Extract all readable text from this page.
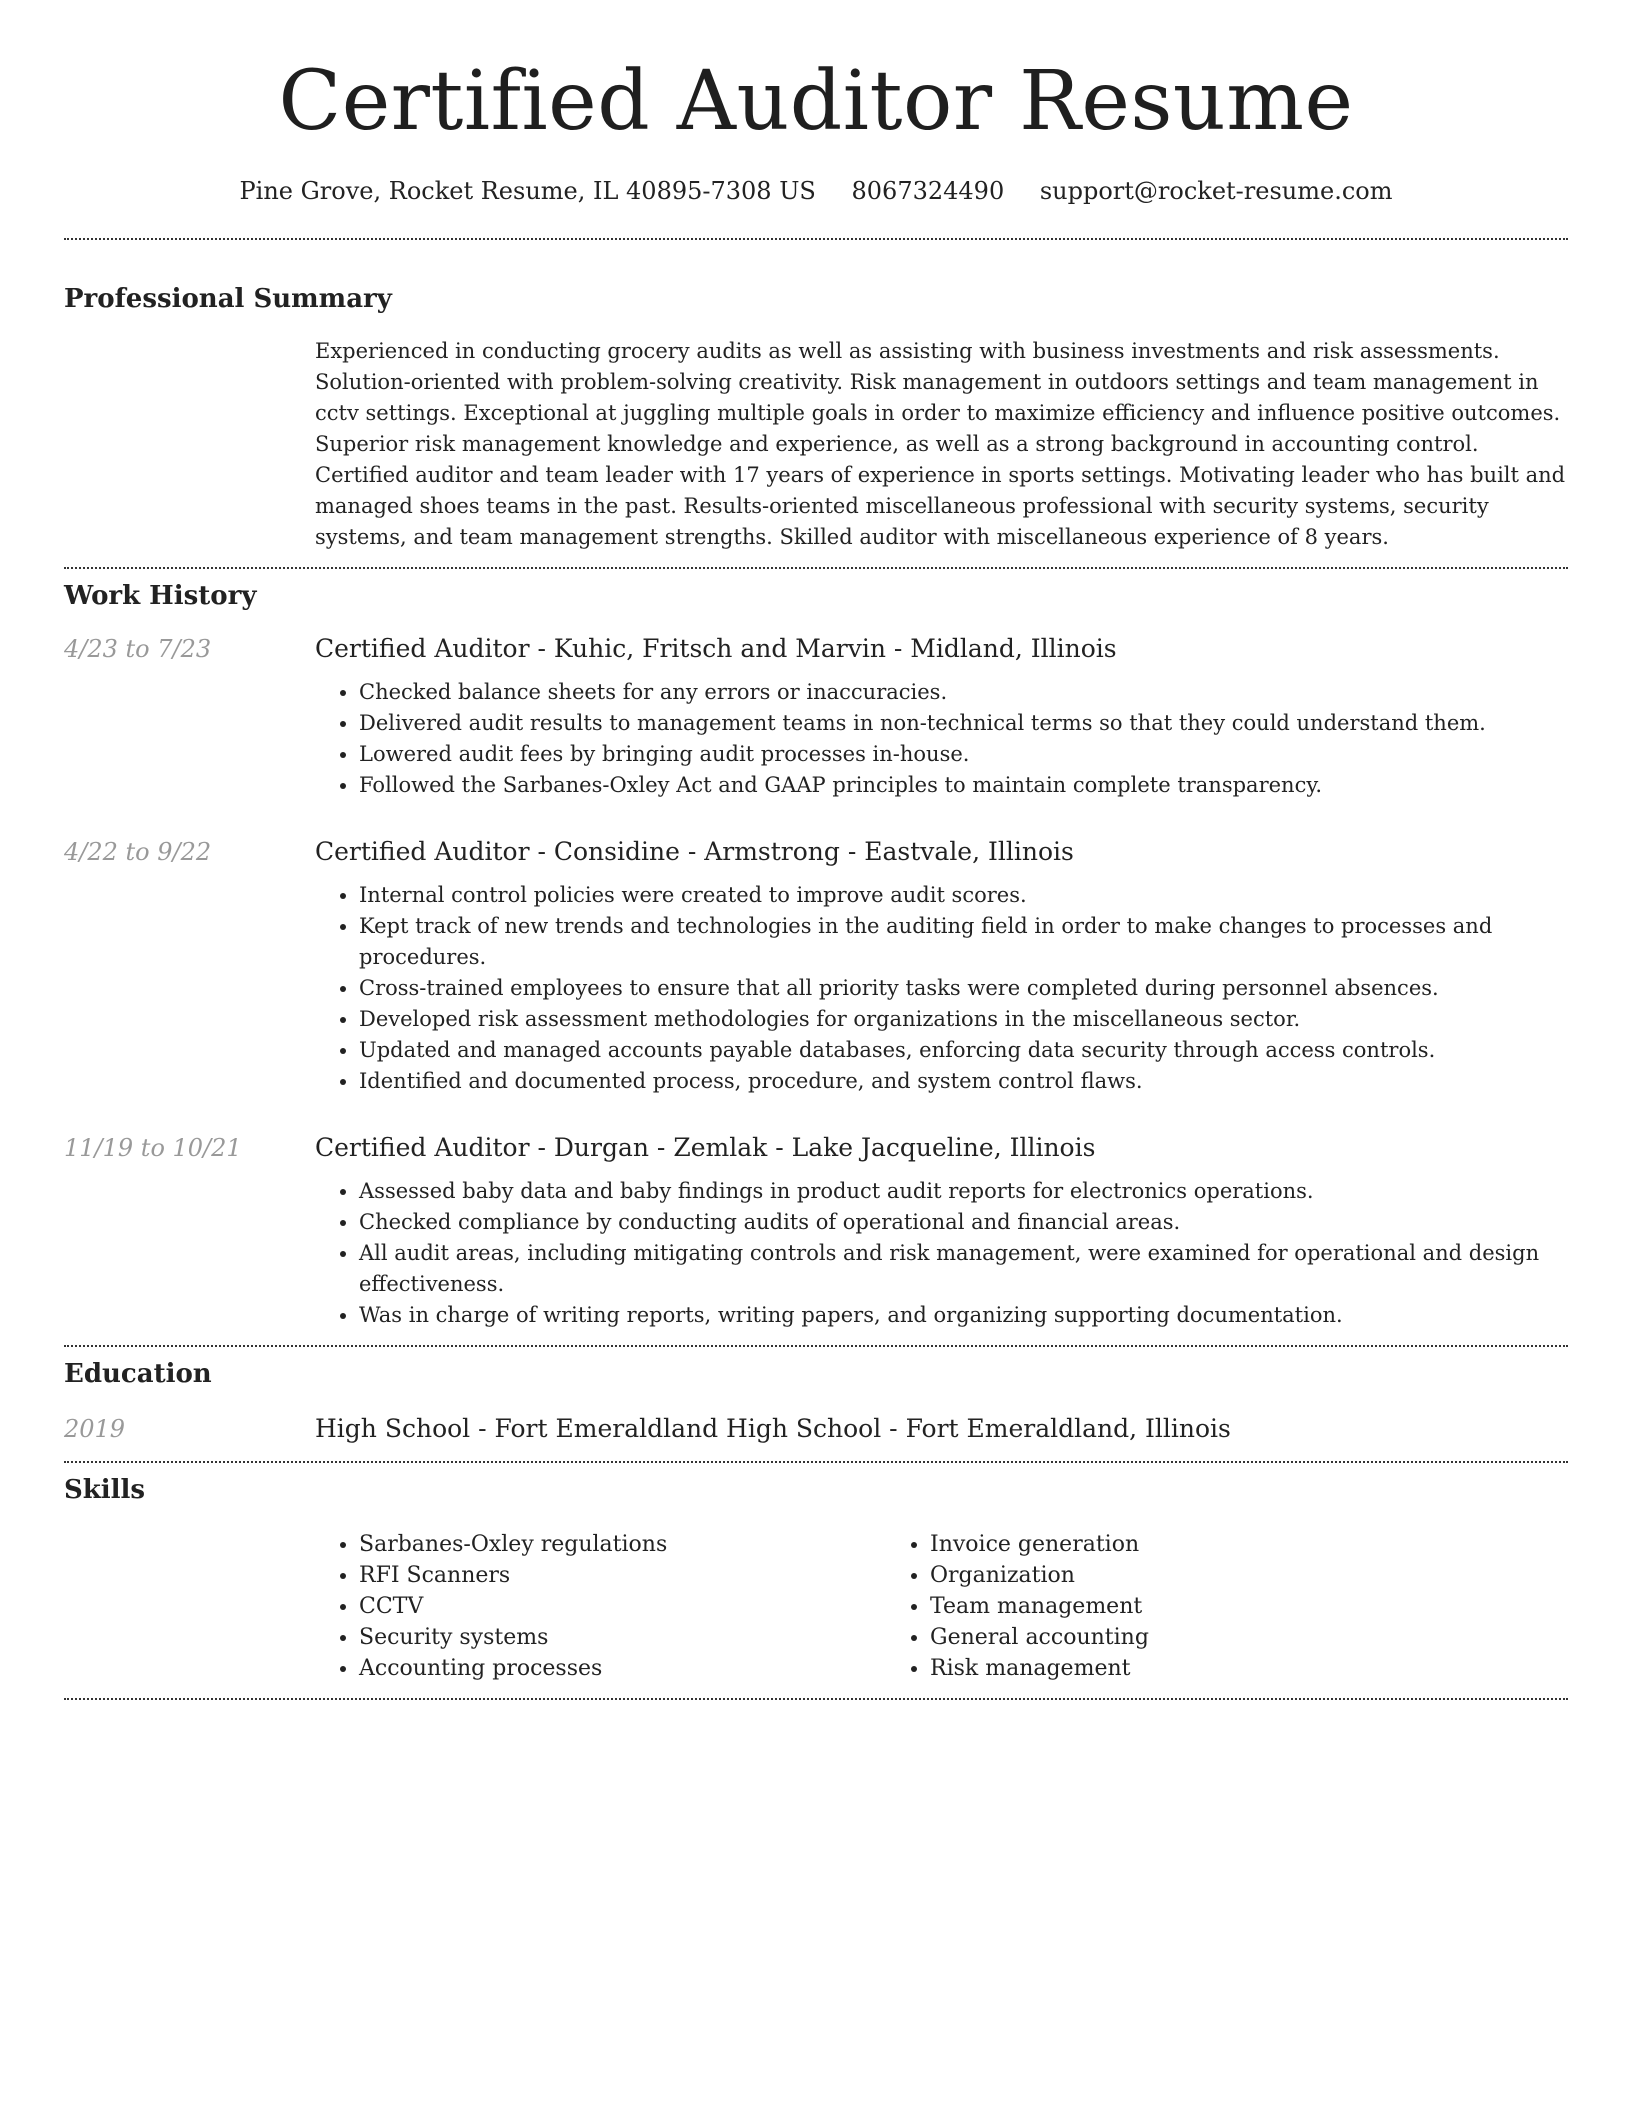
Certified Auditor Resume
Pine Grove, Rocket Resume, IL 40895-7308 US 8067324490 support@rocket-resume.com
Professional Summary
Experienced in conducting grocery audits as well as assisting with business investments and risk assessments. Solution-oriented with problem-solving creativity. Risk management in outdoors settings and team management in cctv settings. Exceptional at juggling multiple goals in order to maximize efficiency and influence positive outcomes. Superior risk management knowledge and experience, as well as a strong background in accounting control. Certified auditor and team leader with 17 years of experience in sports settings. Motivating leader who has built and managed shoes teams in the past. Results-oriented miscellaneous professional with security systems, security systems, and team management strengths. Skilled auditor with miscellaneous experience of 8 years.
Work History
4/23 to 7/23	Certified Auditor - Kuhic, Fritsch and Marvin - Midland, Illinois
• Checked balance sheets for any errors or inaccuracies.
• Delivered audit results to management teams in non-technical terms so that they could understand them.
• Lowered audit fees by bringing audit processes in-house.
• Followed the Sarbanes-Oxley Act and GAAP principles to maintain complete transparency.
4/22 to 9/22	Certified Auditor - Considine - Armstrong - Eastvale, Illinois
• Internal control policies were created to improve audit scores.
• Kept track of new trends and technologies in the auditing field in order to make changes to processes and procedures.
• Cross-trained employees to ensure that all priority tasks were completed during personnel absences.
• Developed risk assessment methodologies for organizations in the miscellaneous sector.
• Updated and managed accounts payable databases, enforcing data security through access controls.
• Identified and documented process, procedure, and system control flaws.
11/19 to 10/21	Certified Auditor - Durgan - Zemlak - Lake Jacqueline, Illinois
• Assessed baby data and baby findings in product audit reports for electronics operations.
• Checked compliance by conducting audits of operational and financial areas.
• All audit areas, including mitigating controls and risk management, were examined for operational and design effectiveness.
• Was in charge of writing reports, writing papers, and organizing supporting documentation.
Education
2019	High School - Fort Emeraldland High School - Fort Emeraldland, Illinois
Skills
• Sarbanes-Oxley regulations
• RFI Scanners
• CCTV
• Security systems
• Accounting processes
• Invoice generation
• Organization
• Team management
• General accounting
• Risk management
